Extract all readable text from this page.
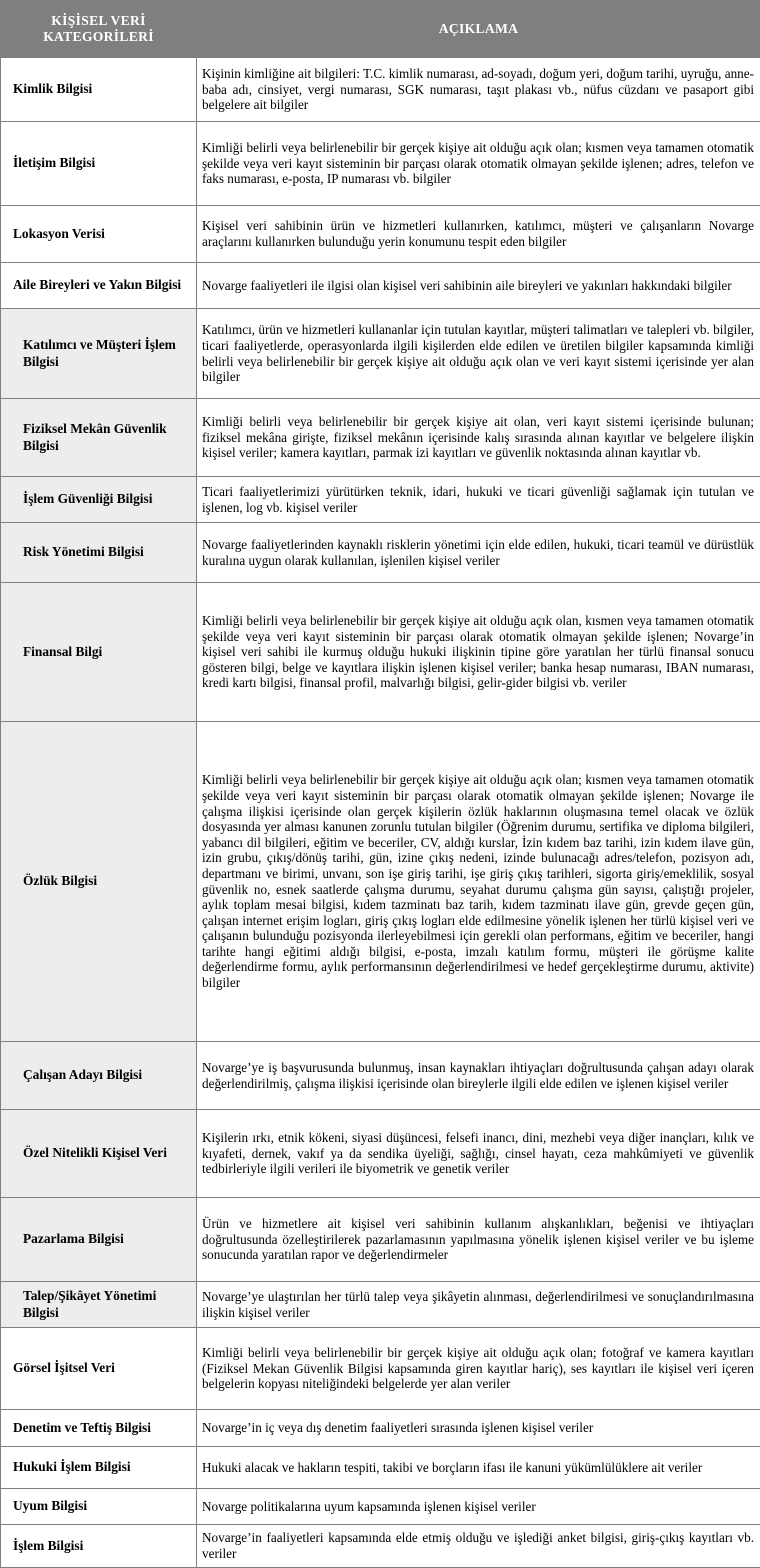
KİŞİSEL VERİ KATEGORİLERİ	AÇIKLAMA
Kimlik Bilgisi	Kişinin kimliğine ait bilgileri: T.C. kimlik numarası, ad-soyadı, doğum yeri, doğum tarihi, uyruğu, anne-baba adı, cinsiyet, vergi numarası, SGK numarası, taşıt plakası vb., nüfus cüzdanı ve pasaport gibi belgelere ait bilgiler
İletişim Bilgisi	Kimliği belirli veya belirlenebilir bir gerçek kişiye ait olduğu açık olan; kısmen veya tamamen otomatik şekilde veya veri kayıt sisteminin bir parçası olarak otomatik olmayan şekilde işlenen; adres, telefon ve faks numarası, e-posta, IP numarası vb. bilgiler
Lokasyon Verisi	Kişisel veri sahibinin ürün ve hizmetleri kullanırken, katılımcı, müşteri ve çalışanların Novarge araçlarını kullanırken bulunduğu yerin konumunu tespit eden bilgiler
Aile Bireyleri ve Yakın Bilgisi	Novarge faaliyetleri ile ilgisi olan kişisel veri sahibinin aile bireyleri ve yakınları hakkındaki bilgiler
Katılımcı ve Müşteri İşlem Bilgisi	Katılımcı, ürün ve hizmetleri kullananlar için tutulan kayıtlar, müşteri talimatları ve talepleri vb. bilgiler, ticari faaliyetlerde, operasyonlarda ilgili kişilerden elde edilen ve üretilen bilgiler kapsamında kimliği belirli veya belirlenebilir bir gerçek kişiye ait olduğu açık olan ve veri kayıt sistemi içerisinde yer alan bilgiler
Fiziksel Mekân Güvenlik Bilgisi	Kimliği belirli veya belirlenebilir bir gerçek kişiye ait olan, veri kayıt sistemi içerisinde bulunan; fiziksel mekâna girişte, fiziksel mekânın içerisinde kalış sırasında alınan kayıtlar ve belgelere ilişkin kişisel veriler; kamera kayıtları, parmak izi kayıtları ve güvenlik noktasında alınan kayıtlar vb.
İşlem Güvenliği Bilgisi	Ticari faaliyetlerimizi yürütürken teknik, idari, hukuki ve ticari güvenliği sağlamak için tutulan ve işlenen, log vb. kişisel veriler
Risk Yönetimi Bilgisi	Novarge faaliyetlerinden kaynaklı risklerin yönetimi için elde edilen, hukuki, ticari teamül ve dürüstlük kuralına uygun olarak kullanılan, işlenilen kişisel veriler
Finansal Bilgi	Kimliği belirli veya belirlenebilir bir gerçek kişiye ait olduğu açık olan, kısmen veya tamamen otomatik şekilde veya veri kayıt sisteminin bir parçası olarak otomatik olmayan şekilde işlenen; Novarge’in kişisel veri sahibi ile kurmuş olduğu hukuki ilişkinin tipine göre yaratılan her türlü finansal sonucu gösteren bilgi, belge ve kayıtlara ilişkin işlenen kişisel veriler; banka hesap numarası, IBAN numarası, kredi kartı bilgisi, finansal profil, malvarlığı bilgisi, gelir-gider bilgisi vb. veriler
Özlük Bilgisi	Kimliği belirli veya belirlenebilir bir gerçek kişiye ait olduğu açık olan; kısmen veya tamamen otomatik şekilde veya veri kayıt sisteminin bir parçası olarak otomatik olmayan şekilde işlenen; Novarge ile çalışma ilişkisi içerisinde olan gerçek kişilerin özlük haklarının oluşmasına temel olacak ve özlük dosyasında yer alması kanunen zorunlu tutulan bilgiler (Öğrenim durumu, sertifika ve diploma bilgileri, yabancı dil bilgileri, eğitim ve beceriler, CV, aldığı kurslar, İzin kıdem baz tarihi, izin kıdem ilave gün, izin grubu, çıkış/dönüş tarihi, gün, izine çıkış nedeni, izinde bulunacağı adres/telefon, pozisyon adı, departmanı ve birimi, unvanı, son işe giriş tarihi, işe giriş çıkış tarihleri, sigorta giriş/emeklilik, sosyal güvenlik no, esnek saatlerde çalışma durumu, seyahat durumu çalışma gün sayısı, çalıştığı projeler, aylık toplam mesai bilgisi, kıdem tazminatı baz tarih, kıdem tazminatı ilave gün, grevde geçen gün, çalışan internet erişim logları, giriş çıkış logları elde edilmesine yönelik işlenen her türlü kişisel veri ve çalışanın bulunduğu pozisyonda ilerleyebilmesi için gerekli olan performans, eğitim ve beceriler, hangi tarihte hangi eğitimi aldığı bilgisi, e-posta, imzalı katılım formu, müşteri ile görüşme kalite değerlendirme formu, aylık performansının değerlendirilmesi ve hedef gerçekleştirme durumu, aktivite) bilgiler
Çalışan Adayı Bilgisi	Novarge’ye iş başvurusunda bulunmuş, insan kaynakları ihtiyaçları doğrultusunda çalışan adayı olarak değerlendirilmiş, çalışma ilişkisi içerisinde olan bireylerle ilgili elde edilen ve işlenen kişisel veriler
Özel Nitelikli Kişisel Veri	Kişilerin ırkı, etnik kökeni, siyasi düşüncesi, felsefi inancı, dini, mezhebi veya diğer inançları, kılık ve kıyafeti, dernek, vakıf ya da sendika üyeliği, sağlığı, cinsel hayatı, ceza mahkûmiyeti ve güvenlik tedbirleriyle ilgili verileri ile biyometrik ve genetik veriler
Pazarlama Bilgisi	Ürün ve hizmetlere ait kişisel veri sahibinin kullanım alışkanlıkları, beğenisi ve ihtiyaçları doğrultusunda özelleştirilerek pazarlamasının yapılmasına yönelik işlenen kişisel veriler ve bu işleme sonucunda yaratılan rapor ve değerlendirmeler
Talep/Şikâyet Yönetimi Bilgisi	Novarge’ye ulaştırılan her türlü talep veya şikâyetin alınması, değerlendirilmesi ve sonuçlandırılmasına ilişkin kişisel veriler
Görsel İşitsel Veri	Kimliği belirli veya belirlenebilir bir gerçek kişiye ait olduğu açık olan; fotoğraf ve kamera kayıtları (Fiziksel Mekan Güvenlik Bilgisi kapsamında giren kayıtlar hariç), ses kayıtları ile kişisel veri içeren belgelerin kopyası niteliğindeki belgelerde yer alan veriler
Denetim ve Teftiş Bilgisi	Novarge’in iç veya dış denetim faaliyetleri sırasında işlenen kişisel veriler
Hukuki İşlem Bilgisi	Hukuki alacak ve hakların tespiti, takibi ve borçların ifası ile kanuni yükümlülüklere ait veriler
Uyum Bilgisi	Novarge politikalarına uyum kapsamında işlenen kişisel veriler
İşlem Bilgisi	Novarge’in faaliyetleri kapsamında elde etmiş olduğu ve işlediği anket bilgisi, giriş-çıkış kayıtları vb. veriler
